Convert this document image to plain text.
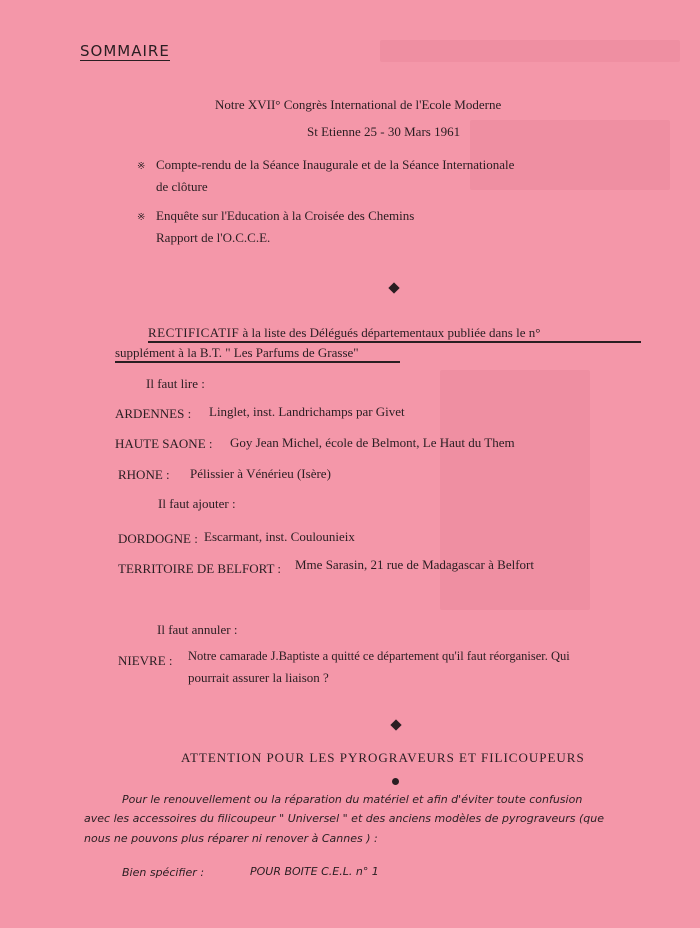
SOMMAIRE
Notre XVII° Congrès International de l'Ecole Moderne
St Etienne 25 - 30 Mars 1961
※ Compte-rendu de la Séance Inaugurale et de la Séance Internationale
de clôture
※ Enquête sur l'Education à la Croisée des Chemins
Rapport de l'O.C.C.E.
RECTIFICATIF à la liste des Délégués départementaux publiée dans le n°
supplément à la B.T. " Les Parfums de Grasse"
Il faut lire :
ARDENNES : Linglet, inst. Landrichamps par Givet
HAUTE SAONE : Goy Jean Michel, école de Belmont, Le Haut du Them
RHONE : Pélissier à Vénérieu (Isère)
Il faut ajouter :
DORDOGNE : Escarmant, inst. Coulounieix
TERRITOIRE DE BELFORT : Mme Sarasin, 21 rue de Madagascar à Belfort
Il faut annuler :
NIEVRE : Notre camarade J.Baptiste a quitté ce département qu'il faut réorganiser. Qui
pourrait assurer la liaison ?
ATTENTION POUR LES PYROGRAVEURS ET FILICOUPEURS
Pour le renouvellement ou la réparation du matériel et afin d'éviter toute confusion
avec les accessoires du filicoupeur " Universel " et des anciens modèles de pyrograveurs (que
nous ne pouvons plus réparer ni renover à Cannes ) :
Bien spécifier :	POUR BOITE C.E.L. n° 1
